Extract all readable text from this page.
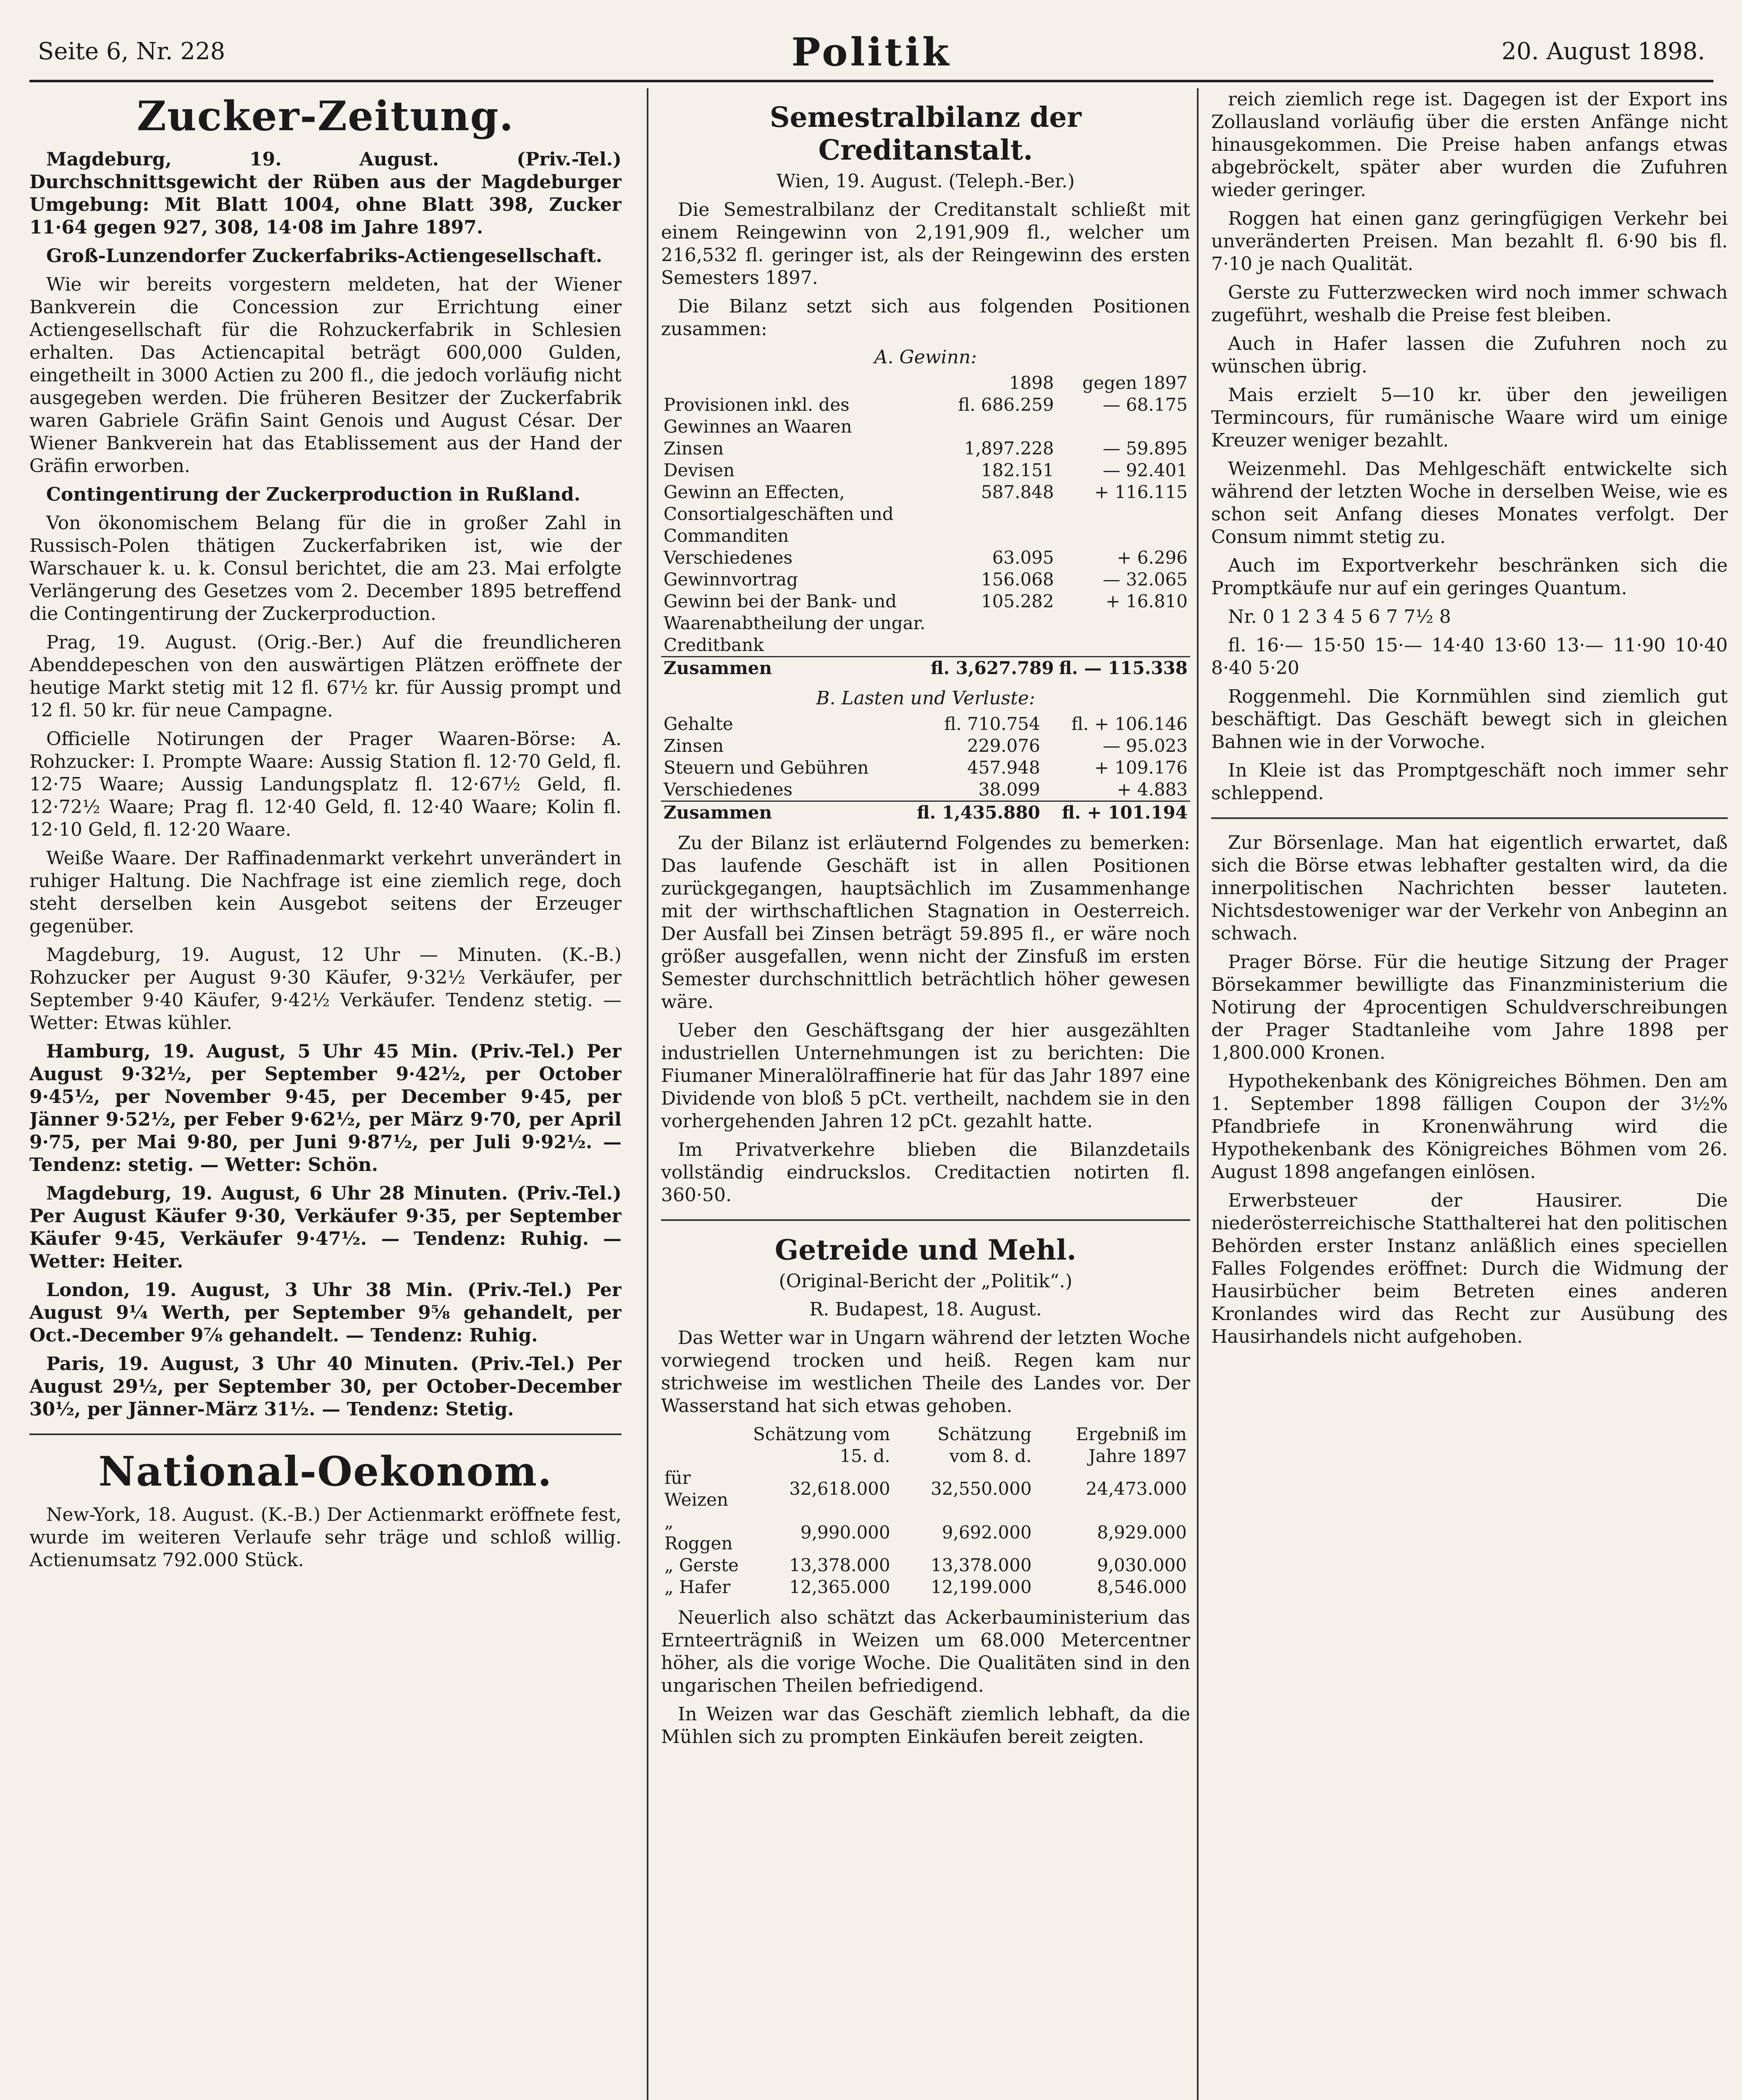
Seite 6, Nr. 228	Politik	20. August 1898.
Zucker-Zeitung.

Magdeburg, 19. August. (Priv.-Tel.) Durchschnittsgewicht der Rüben aus der Magdeburger Umgebung: Mit Blatt 1004, ohne Blatt 398, Zucker 11·64 gegen 927, 308, 14·08 im Jahre 1897.

Groß-Lunzendorfer Zuckerfabriks-Actiengesellschaft.

Wie wir bereits vorgestern meldeten, hat der Wiener Bankverein die Concession zur Errichtung einer Actiengesellschaft für die Rohzuckerfabrik in Schlesien erhalten. Das Actiencapital beträgt 600,000 Gulden, eingetheilt in 3000 Actien zu 200 fl., die jedoch vorläufig nicht ausgegeben werden. Die früheren Besitzer der Zuckerfabrik waren Gabriele Gräfin Saint Genois und August César. Der Wiener Bankverein hat das Etablissement aus der Hand der Gräfin erworben.

Contingentirung der Zuckerproduction in Rußland.

Von ökonomischem Belang für die in großer Zahl in Russisch-Polen thätigen Zuckerfabriken ist, wie der Warschauer k. u. k. Consul berichtet, die am 23. Mai erfolgte Verlängerung des Gesetzes vom 2. December 1895 betreffend die Contingentirung der Zuckerproduction.

Prag, 19. August. (Orig.-Ber.) Auf die freundlicheren Abenddepeschen von den auswärtigen Plätzen eröffnete der heutige Markt stetig mit 12 fl. 67½ kr. für Aussig prompt und 12 fl. 50 kr. für neue Campagne.

Officielle Notirungen der Prager Waaren-Börse: A. Rohzucker: I. Prompte Waare: Aussig Station fl. 12·70 Geld, fl. 12·75 Waare; Aussig Landungsplatz fl. 12·67½ Geld, fl. 12·72½ Waare; Prag fl. 12·40 Geld, fl. 12·40 Waare; Kolin fl. 12·10 Geld, fl. 12·20 Waare.

Weiße Waare. Der Raffinadenmarkt verkehrt unverändert in ruhiger Haltung. Die Nachfrage ist eine ziemlich rege, doch steht derselben kein Ausgebot seitens der Erzeuger gegenüber.

Magdeburg, 19. August, 12 Uhr — Minuten. (K.-B.) Rohzucker per August 9·30 Käufer, 9·32½ Verkäufer, per September 9·40 Käufer, 9·42½ Verkäufer. Tendenz stetig. — Wetter: Etwas kühler.

Hamburg, 19. August, 5 Uhr 45 Min. (Priv.-Tel.) Per August 9·32½, per September 9·42½, per October 9·45½, per November 9·45, per December 9·45, per Jänner 9·52½, per Feber 9·62½, per März 9·70, per April 9·75, per Mai 9·80, per Juni 9·87½, per Juli 9·92½. — Tendenz: stetig. — Wetter: Schön.

Magdeburg, 19. August, 6 Uhr 28 Minuten. (Priv.-Tel.) Per August Käufer 9·30, Verkäufer 9·35, per September Käufer 9·45, Verkäufer 9·47½. — Tendenz: Ruhig. — Wetter: Heiter.

London, 19. August, 3 Uhr 38 Min. (Priv.-Tel.) Per August 9¼ Werth, per September 9⅝ gehandelt, per Oct.-December 9⅞ gehandelt. — Tendenz: Ruhig.

Paris, 19. August, 3 Uhr 40 Minuten. (Priv.-Tel.) Per August 29½, per September 30, per October-December 30½, per Jänner-März 31½. — Tendenz: Stetig.

National-Oekonom.

New-York, 18. August. (K.-B.) Der Actienmarkt eröffnete fest, wurde im weiteren Verlaufe sehr träge und schloß willig. Actienumsatz 792.000 Stück.

Semestralbilanz der Creditanstalt.
Wien, 19. August. (Teleph.-Ber.)

Die Semestralbilanz der Creditanstalt schließt mit einem Reingewinn von 2,191,909 fl., welcher um 216,532 fl. geringer ist, als der Reingewinn des ersten Semesters 1897.

Die Bilanz setzt sich aus folgenden Positionen zusammen:

A. Gewinn:
	1898	gegen 1897
Provisionen inkl. des Gewinnes an Waaren	fl. 686.259	— 68.175
Zinsen	1,897.228	— 59.895
Devisen	182.151	— 92.401
Gewinn an Effecten, Consortialgeschäften und Commanditen	587.848	+ 116.115
Verschiedenes	63.095	+ 6.296
Gewinnvortrag	156.068	— 32.065
Gewinn bei der Bank- und Waarenabtheilung der ungar. Creditbank	105.282	+ 16.810
Zusammen	fl. 3,627.789	fl. — 115.338
B. Lasten und Verluste:
Gehalte	fl. 710.754	fl. + 106.146
Zinsen	229.076	— 95.023
Steuern und Gebühren	457.948	+ 109.176
Verschiedenes	38.099	+ 4.883
Zusammen	fl. 1,435.880	fl. + 101.194

Zu der Bilanz ist erläuternd Folgendes zu bemerken: Das laufende Geschäft ist in allen Positionen zurückgegangen, hauptsächlich im Zusammenhange mit der wirthschaftlichen Stagnation in Oesterreich. Der Ausfall bei Zinsen beträgt 59.895 fl., er wäre noch größer ausgefallen, wenn nicht der Zinsfuß im ersten Semester durchschnittlich beträchtlich höher gewesen wäre.

Ueber den Geschäftsgang der hier ausgezählten industriellen Unternehmungen ist zu berichten: Die Fiumaner Mineralölraffinerie hat für das Jahr 1897 eine Dividende von bloß 5 pCt. vertheilt, nachdem sie in den vorhergehenden Jahren 12 pCt. gezahlt hatte.

Im Privatverkehre blieben die Bilanzdetails vollständig eindruckslos. Creditactien notirten fl. 360·50.

Getreide und Mehl.
(Original-Bericht der „Politik“.)
R. Budapest, 18. August.

Das Wetter war in Ungarn während der letzten Woche vorwiegend trocken und heiß. Regen kam nur strichweise im westlichen Theile des Landes vor. Der Wasserstand hat sich etwas gehoben.

	Schätzung vom 15. d.	Schätzung vom 8. d.	Ergebniß im Jahre 1897
für Weizen	32,618.000	32,550.000	24,473.000
„ Roggen	9,990.000	9,692.000	8,929.000
„ Gerste	13,378.000	13,378.000	9,030.000
„ Hafer	12,365.000	12,199.000	8,546.000

Neuerlich also schätzt das Ackerbauministerium das Ernteerträgniß in Weizen um 68.000 Metercentner höher, als die vorige Woche. Die Qualitäten sind in den ungarischen Theilen befriedigend.

In Weizen war das Geschäft ziemlich lebhaft, da die Mühlen sich zu prompten Einkäufen bereit zeigten.

reich ziemlich rege ist. Dagegen ist der Export ins Zollausland vorläufig über die ersten Anfänge nicht hinausgekommen. Die Preise haben anfangs etwas abgebröckelt, später aber wurden die Zufuhren wieder geringer.

Roggen hat einen ganz geringfügigen Verkehr bei unveränderten Preisen. Man bezahlt fl. 6·90 bis fl. 7·10 je nach Qualität.

Gerste zu Futterzwecken wird noch immer schwach zugeführt, weshalb die Preise fest bleiben.

Auch in Hafer lassen die Zufuhren noch zu wünschen übrig.

Mais erzielt 5—10 kr. über den jeweiligen Termincours, für rumänische Waare wird um einige Kreuzer weniger bezahlt.

Weizenmehl. Das Mehlgeschäft entwickelte sich während der letzten Woche in derselben Weise, wie es schon seit Anfang dieses Monates verfolgt. Der Consum nimmt stetig zu.

Auch im Exportverkehr beschränken sich die Promptkäufe nur auf ein geringes Quantum.

Nr. 0 1 2 3 4 5 6 7 7½ 8

fl. 16·— 15·50 15·— 14·40 13·60 13·— 11·90 10·40 8·40 5·20

Roggenmehl. Die Kornmühlen sind ziemlich gut beschäftigt. Das Geschäft bewegt sich in gleichen Bahnen wie in der Vorwoche.

In Kleie ist das Promptgeschäft noch immer sehr schleppend.

Zur Börsenlage. Man hat eigentlich erwartet, daß sich die Börse etwas lebhafter gestalten wird, da die innerpolitischen Nachrichten besser lauteten. Nichtsdestoweniger war der Verkehr von Anbeginn an schwach.

Prager Börse. Für die heutige Sitzung der Prager Börsekammer bewilligte das Finanzministerium die Notirung der 4procentigen Schuldverschreibungen der Prager Stadtanleihe vom Jahre 1898 per 1,800.000 Kronen.

Hypothekenbank des Königreiches Böhmen. Den am 1. September 1898 fälligen Coupon der 3½% Pfandbriefe in Kronenwährung wird die Hypothekenbank des Königreiches Böhmen vom 26. August 1898 angefangen einlösen.

Erwerbsteuer der Hausirer. Die niederösterreichische Statthalterei hat den politischen Behörden erster Instanz anläßlich eines speciellen Falles Folgendes eröffnet: Durch die Widmung der Hausirbücher beim Betreten eines anderen Kronlandes wird das Recht zur Ausübung des Hausirhandels nicht aufgehoben.
